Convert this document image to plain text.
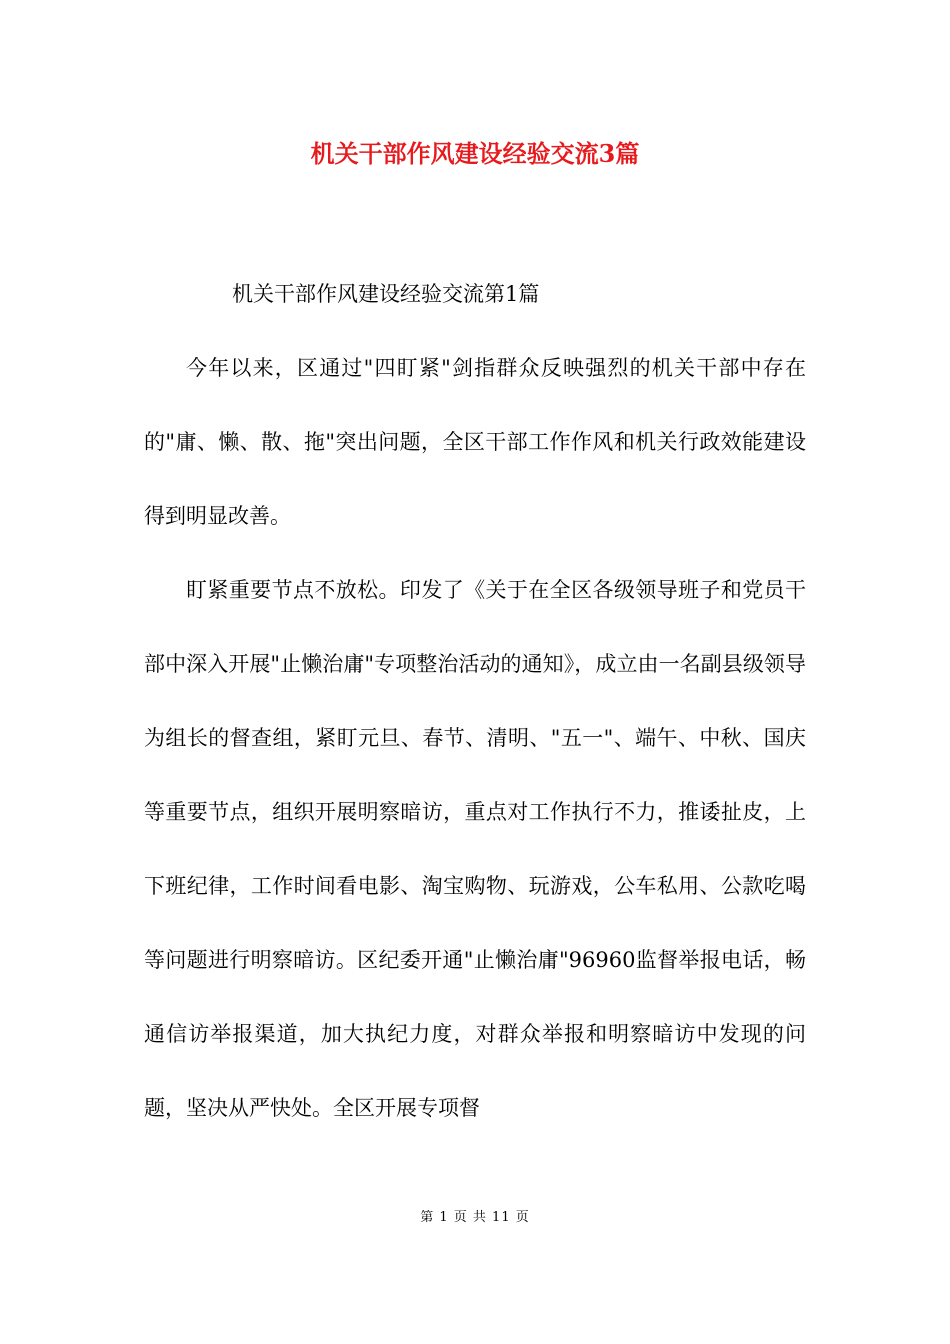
机关干部作风建设经验交流3篇
机关干部作风建设经验交流第1篇

今年以来，区通过"四盯紧"剑指群众反映强烈的机关干部中存在的"庸、懒、散、拖"突出问题，全区干部工作作风和机关行政效能建设得到明显改善。

盯紧重要节点不放松。印发了《关于在全区各级领导班子和党员干部中深入开展"止懒治庸"专项整治活动的通知》，成立由一名副县级领导为组长的督查组，紧盯元旦、春节、清明、"五一"、端午、中秋、国庆等重要节点，组织开展明察暗访，重点对工作执行不力，推诿扯皮，上下班纪律，工作时间看电影、淘宝购物、玩游戏，公车私用、公款吃喝等问题进行明察暗访。区纪委开通"止懒治庸"96960监督举报电话，畅通信访举报渠道，加大执纪力度，对群众举报和明察暗访中发现的问题，坚决从严快处。全区开展专项督

第 1 页 共 11 页
